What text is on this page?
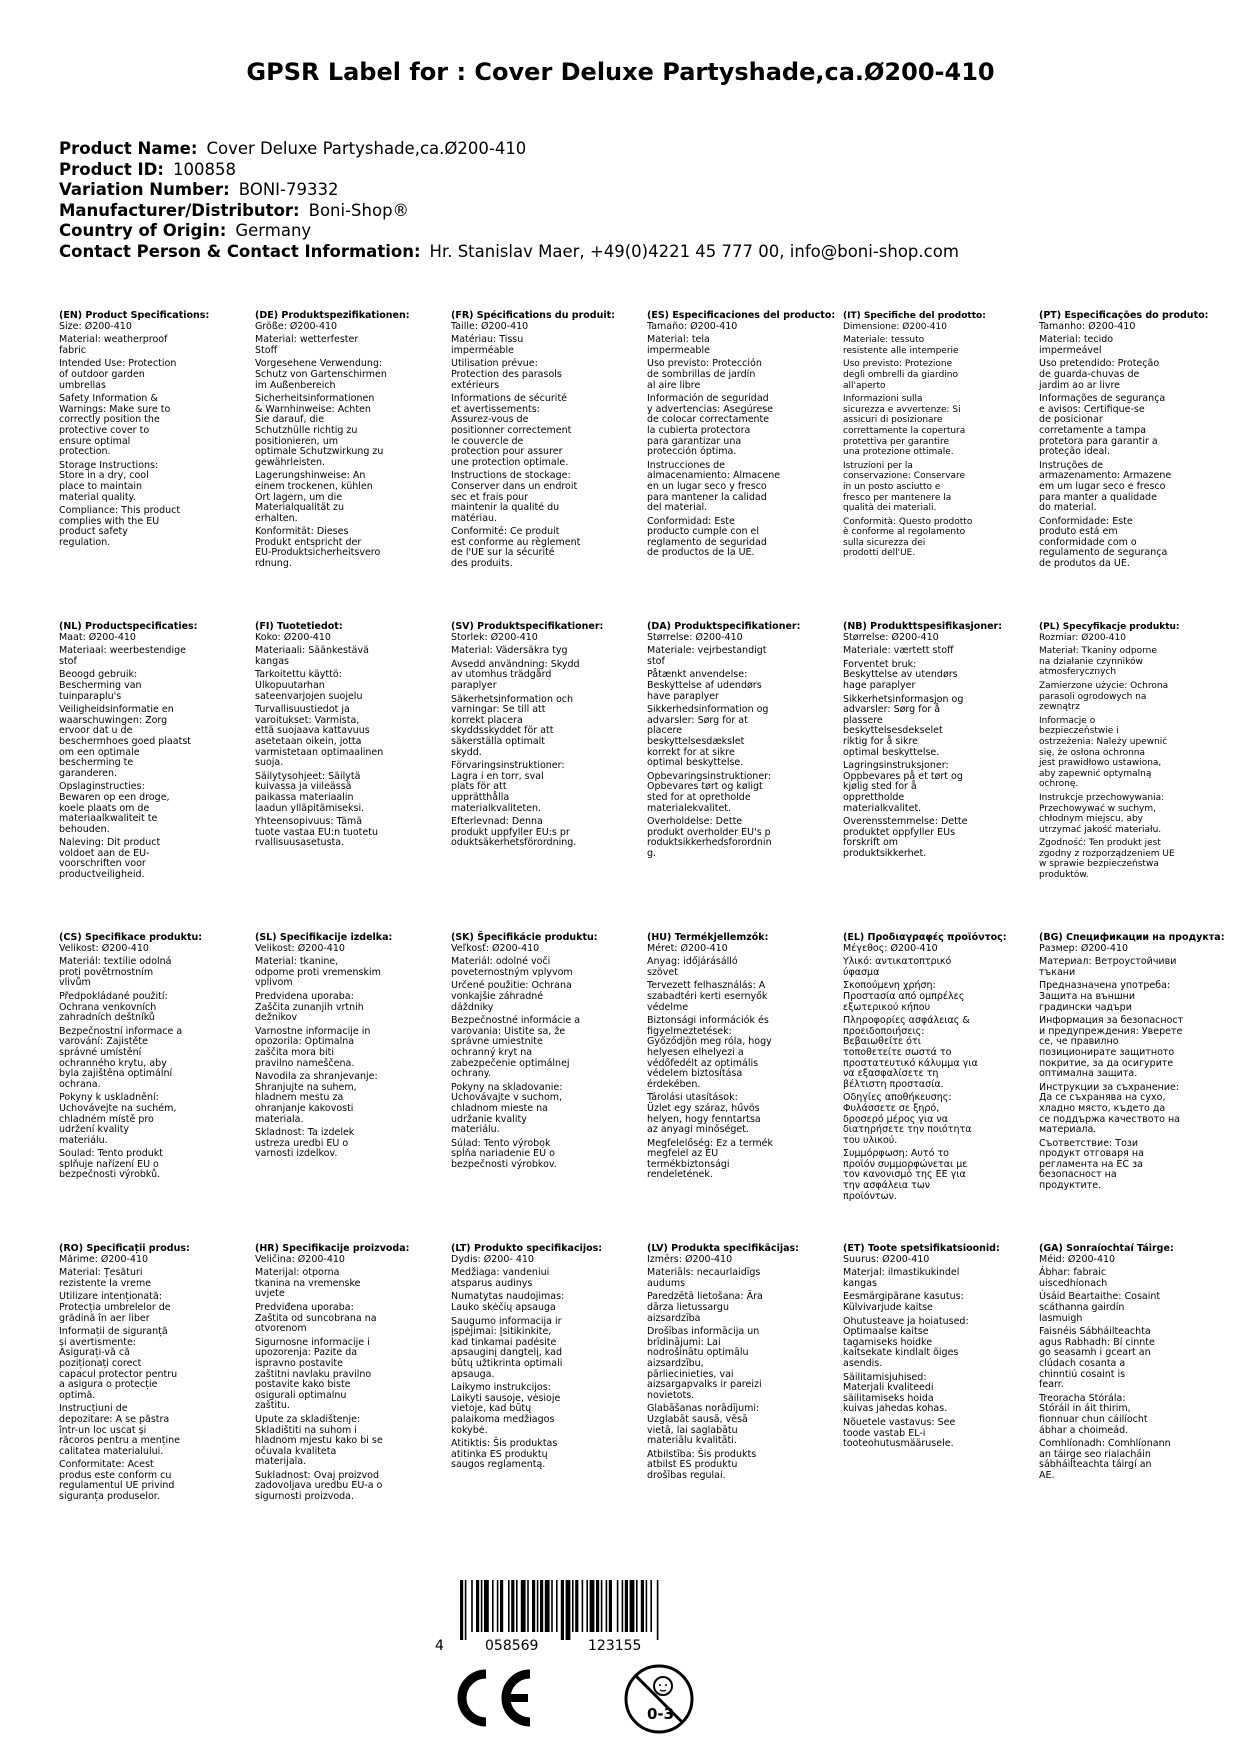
GPSR Label for : Cover Deluxe Partyshade,ca.Ø200-410
Product Name: Cover Deluxe Partyshade,ca.Ø200-410
Product ID: 100858
Variation Number: BONI-79332
Manufacturer/Distributor: Boni-Shop®
Country of Origin: Germany
Contact Person & Contact Information: Hr. Stanislav Maer, +49(0)4221 45 777 00, info@boni-shop.com
(EN) Product Specifications:
Size: Ø200-410
Material: weatherproof
fabric
Intended Use: Protection
of outdoor garden
umbrellas
Safety Information &
Warnings: Make sure to
correctly position the
protective cover to
ensure optimal
protection.
Storage Instructions:
Store in a dry, cool
place to maintain
material quality.
Compliance: This product
complies with the EU
product safety
regulation.
(DE) Produktspezifikationen:
Größe: Ø200-410
Material: wetterfester
Stoff
Vorgesehene Verwendung:
Schutz von Gartenschirmen
im Außenbereich
Sicherheitsinformationen
& Warnhinweise: Achten
Sie darauf, die
Schutzhülle richtig zu
positionieren, um
optimale Schutzwirkung zu
gewährleisten.
Lagerungshinweise: An
einem trockenen, kühlen
Ort lagern, um die
Materialqualität zu
erhalten.
Konformität: Dieses
Produkt entspricht der
EU-Produktsicherheitsvero
rdnung.
(FR) Spécifications du produit:
Taille: Ø200-410
Matériau: Tissu
imperméable
Utilisation prévue:
Protection des parasols
extérieurs
Informations de sécurité
et avertissements:
Assurez-vous de
positionner correctement
le couvercle de
protection pour assurer
une protection optimale.
Instructions de stockage:
Conserver dans un endroit
sec et frais pour
maintenir la qualité du
matériau.
Conformité: Ce produit
est conforme au règlement
de l'UE sur la sécurité
des produits.
(ES) Especificaciones del producto:
Tamaño: Ø200-410
Material: tela
impermeable
Uso previsto: Protección
de sombrillas de jardín
al aire libre
Información de seguridad
y advertencias: Asegúrese
de colocar correctamente
la cubierta protectora
para garantizar una
protección óptima.
Instrucciones de
almacenamiento: Almacene
en un lugar seco y fresco
para mantener la calidad
del material.
Conformidad: Este
producto cumple con el
reglamento de seguridad
de productos de la UE.
(IT) Specifiche del prodotto:
Dimensione: Ø200-410
Materiale: tessuto
resistente alle intemperie
Uso previsto: Protezione
degli ombrelli da giardino
all'aperto
Informazioni sulla
sicurezza e avvertenze: Si
assicuri di posizionare
correttamente la copertura
protettiva per garantire
una protezione ottimale.
Istruzioni per la
conservazione: Conservare
in un posto asciutto e
fresco per mantenere la
qualità dei materiali.
Conformità: Questo prodotto
è conforme al regolamento
sulla sicurezza dei
prodotti dell'UE.
(PT) Especificações do produto:
Tamanho: Ø200-410
Material: tecido
impermeável
Uso pretendido: Proteção
de guarda-chuvas de
jardim ao ar livre
Informações de segurança
e avisos: Certifique-se
de posicionar
corretamente a tampa
protetora para garantir a
proteção ideal.
Instruções de
armazenamento: Armazene
em um lugar seco e fresco
para manter a qualidade
do material.
Conformidade: Este
produto está em
conformidade com o
regulamento de segurança
de produtos da UE.
(NL) Productspecificaties:
Maat: Ø200-410
Materiaal: weerbestendige
stof
Beoogd gebruik:
Bescherming van
tuinparaplu's
Veiligheidsinformatie en
waarschuwingen: Zorg
ervoor dat u de
beschermhoes goed plaatst
om een optimale
bescherming te
garanderen.
Opslaginstructies:
Bewaren op een droge,
koele plaats om de
materiaalkwaliteit te
behouden.
Naleving: Dit product
voldoet aan de EU-
voorschriften voor
productveiligheid.
(FI) Tuotetiedot:
Koko: Ø200-410
Materiaali: Säänkestävä
kangas
Tarkoitettu käyttö:
Ulkopuutarhan
sateenvarjojen suojelu
Turvallisuustiedot ja
varoitukset: Varmista,
että suojaava kattavuus
asetetaan oikein, jotta
varmistetaan optimaalinen
suoja.
Säilytysohjeet: Säilytä
kuivassa ja viileässä
paikassa materiaalin
laadun ylläpitämiseksi.
Yhteensopivuus: Tämä
tuote vastaa EU:n tuotetu
rvallisuusasetusta.
(SV) Produktspecifikationer:
Storlek: Ø200-410
Material: Vädersäkra tyg
Avsedd användning: Skydd
av utomhus trädgård
paraplyer
Säkerhetsinformation och
varningar: Se till att
korrekt placera
skyddsskyddet för att
säkerställa optimalt
skydd.
Förvaringsinstruktioner:
Lagra i en torr, sval
plats för att
upprätthålla
materialkvaliteten.
Efterlevnad: Denna
produkt uppfyller EU:s pr
oduktsäkerhetsförordning.
(DA) Produktspecifikationer:
Størrelse: Ø200-410
Materiale: vejrbestandigt
stof
Påtænkt anvendelse:
Beskyttelse af udendørs
have paraplyer
Sikkerhedsinformation og
advarsler: Sørg for at
placere
beskyttelsesdækslet
korrekt for at sikre
optimal beskyttelse.
Opbevaringsinstruktioner:
Opbevares tørt og køligt
sted for at opretholde
materialekvalitet.
Overholdelse: Dette
produkt overholder EU's p
roduktsikkerhedsforordnin
g.
(NB) Produkttspesifikasjoner:
Størrelse: Ø200-410
Materiale: værtett stoff
Forventet bruk:
Beskyttelse av utendørs
hage paraplyer
Sikkerhetsinformasjon og
advarsler: Sørg for å
plassere
beskyttelsesdekselet
riktig for å sikre
optimal beskyttelse.
Lagringsinstruksjoner:
Oppbevares på et tørt og
kjølig sted for å
opprettholde
materialkvalitet.
Overensstemmelse: Dette
produktet oppfyller EUs
forskrift om
produktsikkerhet.
(PL) Specyfikacje produktu:
Rozmiar: Ø200-410
Materiał: Tkaniny odporne
na działanie czynników
atmosferycznych
Zamierzone użycie: Ochrona
parasoli ogrodowych na
zewnątrz
Informacje o
bezpieczeństwie i
ostrzeżenia: Należy upewnić
się, że osłona ochronna
jest prawidłowo ustawiona,
aby zapewnić optymalną
ochronę.
Instrukcje przechowywania:
Przechowywać w suchym,
chłodnym miejscu, aby
utrzymać jakość materiału.
Zgodność: Ten produkt jest
zgodny z rozporządzeniem UE
w sprawie bezpieczeństwa
produktów.
(CS) Specifikace produktu:
Velikost: Ø200-410
Materiál: textilie odolná
proti povětrnostním
vlivům
Předpokládané použití:
Ochrana venkovních
zahradních deštníků
Bezpečnostní informace a
varování: Zajistěte
správné umístění
ochranného krytu, aby
byla zajištěna optimální
ochrana.
Pokyny k uskladnění:
Uchovávejte na suchém,
chladném místě pro
udržení kvality
materiálu.
Soulad: Tento produkt
splňuje nařízení EU o
bezpečnosti výrobků.
(SL) Specifikacije izdelka:
Velikost: Ø200-410
Material: tkanine,
odporne proti vremenskim
vplivom
Predvidena uporaba:
Zaščita zunanjih vrtnih
dežnikov
Varnostne informacije in
opozorila: Optimalna
zaščita mora biti
pravilno nameščena.
Navodila za shranjevanje:
Shranjujte na suhem,
hladnem mestu za
ohranjanje kakovosti
materiala.
Skladnost: Ta izdelek
ustreza uredbi EU o
varnosti izdelkov.
(SK) Špecifikácie produktu:
Veľkosť: Ø200-410
Materiál: odolné voči
poveternostným vplyvom
Určené použitie: Ochrana
vonkajšie záhradné
dáždniky
Bezpečnostné informácie a
varovania: Uistite sa, že
správne umiestnite
ochranný kryt na
zabezpečenie optimálnej
ochrany.
Pokyny na skladovanie:
Uchovávajte v suchom,
chladnom mieste na
udržanie kvality
materiálu.
Súlad: Tento výrobok
spĺňa nariadenie EÚ o
bezpečnosti výrobkov.
(HU) Termékjellemzők:
Méret: Ø200-410
Anyag: időjárásálló
szövet
Tervezett felhasználás: A
szabadtéri kerti esernyők
védelme
Biztonsági információk és
figyelmeztetések:
Győződjön meg róla, hogy
helyesen elhelyezi a
védőfedélt az optimális
védelem biztosítása
érdekében.
Tárolási utasítások:
Üzlet egy száraz, hűvös
helyen, hogy fenntartsa
az anyagi minőséget.
Megfelelőség: Ez a termék
megfelel az EU
termékbiztonsági
rendeletének.
(EL) Προδιαγραφές προϊόντος:
Μέγεθος: Ø200-410
Υλικό: αντικατοπτρικό
ύφασμα
Σκοπούμενη χρήση:
Προστασία από ομπρέλες
εξωτερικού κήπου
Πληροφορίες ασφάλειας &
προειδοποιήσεις:
Βεβαιωθείτε ότι
τοποθετείτε σωστά το
προστατευτικό κάλυμμα για
να εξασφαλίσετε τη
βέλτιστη προστασία.
Οδηγίες αποθήκευσης:
Φυλάσσετε σε ξηρό,
δροσερό μέρος για να
διατηρήσετε την ποιότητα
του υλικού.
Συμμόρφωση: Αυτό το
προϊόν συμμορφώνεται με
τον κανονισμό της ΕΕ για
την ασφάλεια των
προϊόντων.
(BG) Спецификации на продукта:
Размер: Ø200-410
Материал: Ветроустойчиви
тъкани
Предназначена употреба:
Защита на външни
градински чадъри
Информация за безопасност
и предупреждения: Уверете
се, че правилно
позиционирате защитното
покритие, за да осигурите
оптимална защита.
Инструкции за съхранение:
Да се съхранява на сухо,
хладно място, където да
се поддържа качеството на
материала.
Съответствие: Този
продукт отговаря на
регламента на ЕС за
безопасност на
продуктите.
(RO) Specificații produs:
Mărime: Ø200-410
Material: Țesături
rezistente la vreme
Utilizare intenționată:
Protecția umbrelelor de
grădină în aer liber
Informații de siguranță
și avertismente:
Asigurați-vă că
poziționați corect
capacul protector pentru
a asigura o protecție
optimă.
Instrucțiuni de
depozitare: A se păstra
într-un loc uscat și
răcoros pentru a menține
calitatea materialului.
Conformitate: Acest
produs este conform cu
regulamentul UE privind
siguranța produselor.
(HR) Specifikacije proizvoda:
Veličina: Ø200-410
Materijal: otporna
tkanina na vremenske
uvjete
Predviđena uporaba:
Zaštita od suncobrana na
otvorenom
Sigurnosne informacije i
upozorenja: Pazite da
ispravno postavite
zaštitni navlaku pravilno
postavite kako biste
osigurali optimalnu
zaštitu.
Upute za skladištenje:
Skladištiti na suhom i
hladnom mjestu kako bi se
očuvala kvaliteta
materijala.
Sukladnost: Ovaj proizvod
zadovoljava uredbu EU-a o
sigurnosti proizvoda.
(LT) Produkto specifikacijos:
Dydis: Ø200- 410
Medžiaga: vandeniui
atsparus audinys
Numatytas naudojimas:
Lauko skėčių apsauga
Saugumo informacija ir
įspėjimai: Įsitikinkite,
kad tinkamai padėsite
apsauginį dangtelį, kad
būtų užtikrinta optimali
apsauga.
Laikymo instrukcijos:
Laikyti sausoje, vėsioje
vietoje, kad būtų
palaikoma medžiagos
kokybė.
Atitiktis: Šis produktas
atitinka ES produktų
saugos reglamentą.
(LV) Produkta specifikācijas:
Izmērs: Ø200-410
Materiāls: necaurlaidīgs
audums
Paredzētā lietošana: Āra
dārza lietussargu
aizsardzība
Drošības informācija un
brīdinājumi: Lai
nodrošinātu optimālu
aizsardzību,
pārliecinieties, vai
aizsargapvalks ir pareizi
novietots.
Glabāšanas norādījumi:
Uzglabāt sausā, vēsā
vietā, lai saglabātu
materiālu kvalitāti.
Atbilstība: Šis produkts
atbilst ES produktu
drošības regulai.
(ET) Toote spetsifikatsioonid:
Suurus: Ø200-410
Materjal: ilmastikukindel
kangas
Eesmärgipärane kasutus:
Külvivarjude kaitse
Ohutusteave ja hoiatused:
Optimaalse kaitse
tagamiseks hoidke
kaitsekate kindlalt õiges
asendis.
Säilitamisjuhised:
Materjali kvaliteedi
säilitamiseks hoida
kuivas jahedas kohas.
Nõuetele vastavus: See
toode vastab EL-i
tooteohutusmäärusele.
(GA) Sonraíochtaí Táirge:
Méid: Ø200-410
Ábhar: fabraic
uiscedhíonach
Úsáid Beartaithe: Cosaint
scáthanna gairdín
lasmuigh
Faisnéis Sábháilteachta
agus Rabhadh: Bí cinnte
go seasamh i gceart an
clúdach cosanta a
chinntiú cosaint is
fearr.
Treoracha Stórála:
Stóráil in áit thirim,
fionnuar chun cáilíocht
ábhar a choimeád.
Comhlíonadh: Comhlíonann
an táirge seo rialacháin
sábháilteachta táirgí an
AE.
4	058569	123155
0-3
